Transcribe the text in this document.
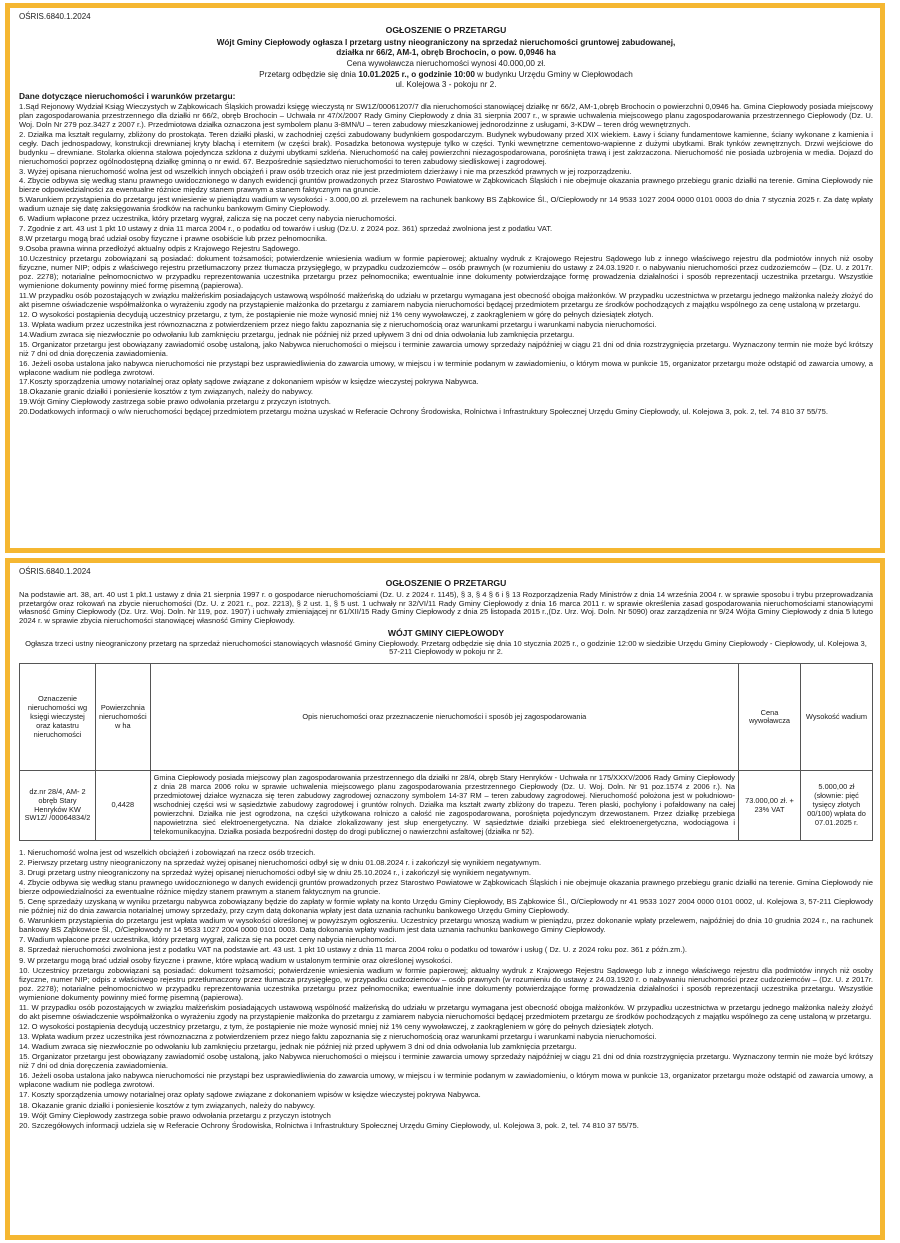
OŚRIS.6840.1.2024
OGŁOSZENIE O PRZETARGU
Wójt Gminy Ciepłowody ogłasza I przetarg ustny nieograniczony na sprzedaż nieruchomości gruntowej zabudowanej,
działka nr 66/2, AM-1, obręb Brochocin, o pow. 0,0946 ha
Cena wywoławcza nieruchomości wynosi 40.000,00 zł.
Przetarg odbędzie się dnia 10.01.2025 r., o godzinie 10:00 w budynku Urzędu Gminy w Ciepłowodach
ul. Kolejowa 3 - pokoju nr 2.
Dane dotyczące nieruchomości i warunków przetargu:
1.Sąd Rejonowy Wydział Ksiąg Wieczystych w Ząbkowicach Śląskich prowadzi księgę wieczystą nr SW1Z/00061207/7 dla nieruchomości stanowiącej działkę nr 66/2, AM-1,obręb Brochocin o powierzchni 0,0946 ha. Gmina Ciepłowody posiada miejscowy plan zagospodarowania przestrzennego dla działki nr 66/2, obręb Brochocin – Uchwała nr 47/X/2007 Rady Gminy Ciepłowody z dnia 31 sierpnia 2007 r., w sprawie uchwalenia miejscowego planu zagospodarowania przestrzennego Ciepłowody (Dz. U. Woj. Doln Nr 279 poz.3427 z 2007 r.). Przedmiotowa działka oznaczona jest symbolem planu 3-8MN/U – teren zabudowy mieszkaniowej jednorodzinne z usługami, 3-KDW – teren dróg wewnętrznych.
2. Działka ma kształt regularny, zbliżony do prostokąta. Teren działki płaski, w zachodniej części zabudowany budynkiem gospodarczym. Budynek wybudowany przed XIX wiekiem. Ławy i ściany fundamentowe kamienne, ściany wykonane z kamienia i cegły. Dach jednospadowy, konstrukcji drewnianej kryty blachą i eternitem (w części brak). Posadzka betonowa występuje tylko w części. Tynki wewnętrzne cementowo-wapienne z dużymi ubytkami. Brak tynków zewnętrznych. Drzwi wejściowe do budynku – drewniane. Stolarka okienna stalowa pojedyncza szklona z dużymi ubytkami szkleńa. Nieruchomość na całej powierzchni niezagospodarowana, porośnięta trawą i jest zakrzaczona. Nieruchomość nie posiada uzbrojenia w media. Dojazd do nieruchomości poprzez ogólnodostępną działkę gminną o nr ewid. 67. Bezpośrednie sąsiedztwo nieruchomości to teren zabudowy siedliskowej i zagrodowej.
3. Wyżej opisana nieruchomość wolna jest od wszelkich innych obciążeń i praw osób trzecich oraz nie jest przedmiotem dzierżawy i nie ma przeszkód prawnych w jej rozporządzeniu.
4. Zbycie odbywa się według stanu prawnego uwidocznionego w danych ewidencji gruntów prowadzonych przez Starostwo Powiatowe w Ząbkowicach Śląskich i nie obejmuje okazania prawnego przebiegu granic działki na terenie. Gmina Ciepłowody nie bierze odpowiedzialności za ewentualne różnice między stanem prawnym a stanem faktycznym na gruncie.
5.Warunkiem przystąpienia do przetargu jest wniesienie w pieniądzu wadium w wysokości - 3.000,00 zł. przelewem na rachunek bankowy BS Ząbkowice Śl., O/Ciepłowody nr 14 9533 1027 2004 0000 0101 0003 do dnia 7 stycznia 2025 r. Za datę wpłaty wadium uznaje się datę zaksięgowania środków na rachunku bankowym Gminy Ciepłowody.
6. Wadium wpłacone przez uczestnika, który przetarg wygrał, zalicza się na poczet ceny nabycia nieruchomości.
7. Zgodnie z art. 43 ust 1 pkt 10 ustawy z dnia 11 marca 2004 r., o podatku od towarów i usług (Dz.U. z 2024 poz. 361) sprzedaż zwolniona jest z podatku VAT.
8.W przetargu mogą brać udział osoby fizyczne i prawne osobiście lub przez pełnomocnika.
9.Osoba prawna winna przedłożyć aktualny odpis z Krajowego Rejestru Sądowego.
10.Uczestnicy przetargu zobowiązani są posiadać: dokument tożsamości; potwierdzenie wniesienia wadium w formie papierowej; aktualny wydruk z Krajowego Rejestru Sądowego lub z innego właściwego rejestru dla podmiotów innych niż osoby fizyczne, numer NIP; odpis z właściwego rejestru przetłumaczony przez tłumacza przysięgłego, w przypadku cudzoziemców – osób prawnych (w rozumieniu do ustawy z 24.03.1920 r. o nabywaniu nieruchomości przez cudzoziemców – (Dz. U. z 2017r. poz. 2278); notarialne pełnomocnictwo w przypadku reprezentowania uczestnika przetargu przez pełnomocnika; ewentualnie inne dokumenty potwierdzające formę prowadzenia działalności i sposób reprezentacji uczestnika przetargu. Wszystkie wymienione dokumenty powinny mieć formę pisemną (papierowa).
11.W przypadku osób pozostających w związku małżeńskim posiadających ustawową wspólność małżeńską do udziału w przetargu wymagana jest obecność obojga małżonków. W przypadku uczestnictwa w przetargu jednego małżonka należy złożyć do akt pisemne oświadczenie współmałżonka o wyrażeniu zgody na przystąpienie małżonka do przetargu z zamiarem nabycia nieruchomości będącej przedmiotem przetargu ze środków pochodzących z majątku wspólnego za cenę ustaloną w przetargu.
12. O wysokości postąpienia decydują uczestnicy przetargu, z tym, że postąpienie nie może wynosić mniej niż 1% ceny wywoławczej, z zaokrągleniem w górę do pełnych dziesiątek złotych.
13. Wpłata wadium przez uczestnika jest równoznaczna z potwierdzeniem przez niego faktu zapoznania się z nieruchomością oraz warunkami przetargu i warunkami nabycia nieruchomości.
14.Wadium zwraca się niezwłocznie po odwołaniu lub zamknięciu przetargu, jednak nie później niż przed upływem 3 dni od dnia odwołania lub zamknięcia przetargu.
15. Organizator przetargu jest obowiązany zawiadomić osobę ustaloną, jako Nabywca nieruchomości o miejscu i terminie zawarcia umowy sprzedaży najpóźniej w ciągu 21 dni od dnia rozstrzygnięcia przetargu. Wyznaczony termin nie może być krótszy niż 7 dni od dnia doręczenia zawiadomienia.
16. Jeżeli osoba ustalona jako nabywca nieruchomości nie przystąpi bez usprawiedliwienia do zawarcia umowy, w miejscu i w terminie podanym w zawiadomieniu, o którym mowa w punkcie 15, organizator przetargu może odstąpić od zawarcia umowy, a wpłacone wadium nie podlega zwrotowi.
17.Koszty sporządzenia umowy notarialnej oraz opłaty sądowe związane z dokonaniem wpisów w księdze wieczystej pokrywa Nabywca.
18.Okazanie granic działki i poniesienie kosztów z tym związanych, należy do nabywcy.
19.Wójt Gminy Ciepłowody zastrzega sobie prawo odwołania przetargu z przyczyn istotnych.
20.Dodatkowych informacji o w/w nieruchomości będącej przedmiotem przetargu można uzyskać w Referacie Ochrony Środowiska, Rolnictwa i Infrastruktury Społecznej Urzędu Gminy Ciepłowody, ul. Kolejowa 3, pok. 2, tel. 74 810 37 55/75.
OŚRIS.6840.1.2024
OGŁOSZENIE O PRZETARGU
Na podstawie art. 38, art. 40 ust 1 pkt.1 ustawy z dnia 21 sierpnia 1997 r. o gospodarce nieruchomościami (Dz. U. z 2024 r. 1145), § 3, § 4 § 6 i § 13 Rozporządzenia Rady Ministrów z dnia 14 września 2004 r. w sprawie sposobu i trybu przeprowadzania przetargów oraz rokowań na zbycie nieruchomości (Dz. U. z 2021 r., poz. 2213), § 2 ust. 1, § 5 ust. 1 uchwały nr 32/VI/11 Rady Gminy Ciepłowody z dnia 16 marca 2011 r. w sprawie określenia zasad gospodarowania nieruchomościami stanowiącymi własność Gminy Ciepłowody (Dz. Urz. Woj. Doln. Nr 119, poz. 1907) i uchwały zmieniającej nr 61/XII/15 Rady Gminy Ciepłowody z dnia 25 listopada 2015 r.,(Dz. Urz. Woj. Doln. Nr 5090) oraz zarządzenia nr 9/24 Wójta Gminy Ciepłowody z dnia 5 lutego 2024 r. w sprawie zbycia nieruchomości stanowiącej własność Gminy Ciepłowody.
WÓJT GMINY CIEPŁOWODY
Ogłasza trzeci ustny nieograniczony przetarg na sprzedaż nieruchomości stanowiących własność Gminy Ciepłowody. Przetarg odbędzie się dnia 10 stycznia 2025 r., o godzinie 12:00 w siedzibie Urzędu Gminy Ciepłowody - Ciepłowody, ul. Kolejowa 3, 57-211 Ciepłowody w pokoju nr 2.
Oznaczenie nieruchomości wg księgi wieczystej oraz katastru nieruchomości	Powierzchnia nieruchomości w ha	Opis nieruchomości oraz przeznaczenie nieruchomości i sposób jej zagospodarowania	Cena wywoławcza	Wysokość wadium
dz.nr 28/4, AM- 2 obręb Stary Henryków KW SW1Z/ /00064834/2	0,4428	Gmina Ciepłowody posiada miejscowy plan zagospodarowania przestrzennego dla działki nr 28/4, obręb Stary Henryków - Uchwała nr 175/XXXV/2006 Rady Gminy Ciepłowody z dnia 28 marca 2006 roku w sprawie uchwalenia miejscowego planu zagospodarowania przestrzennego Ciepłowody (Dz. U. Woj. Doln. Nr 91 poz.1574 z 2006 r.). Na przedmiotowej działce wyznacza się teren zabudowy zagrodowej oznaczony symbolem 14-37 RM – teren zabudowy zagrodowej. Nieruchomość położona jest w południowo-wschodniej części wsi w sąsiedztwie zabudowy zagrodowej i gruntów rolnych. Działka ma kształt zwarty zbliżony do trapezu. Teren płaski, pochyłony i pofałdowany na całej powierzchni. Działka nie jest ogrodzona, na części użytkowana rolniczo a całość nie zagospodarowana, porośnięta pojedynczym drzewostanem. Przez działkę przebiega napowietrzna sieć elektroenergetyczna. Na działce zlokalizowany jest słup energetyczny. W sąsiedztwie działki przebiega sieć elektroenergetyczna, wodociągowa i telekomunikacyjna. Działka posiada bezpośredni dostęp do drogi publicznej o nawierzchni asfaltowej (działka nr 52).	73.000,00 zł. + 23% VAT	5.000,00 zł (słownie: pięć tysięcy złotych 00/100) wpłata do 07.01.2025 r.
1. Nieruchomość wolna jest od wszelkich obciążeń i zobowiązań na rzecz osób trzecich.
2. Pierwszy przetarg ustny nieograniczony na sprzedaż wyżej opisanej nieruchomości odbył się w dniu 01.08.2024 r. i zakończył się wynikiem negatywnym.
3. Drugi przetarg ustny nieograniczony na sprzedaż wyżej opisanej nieruchomości odbył się w dniu 25.10.2024 r., i zakończył się wynikiem negatywnym.
4. Zbycie odbywa się według stanu prawnego uwidocznionego w danych ewidencji gruntów prowadzonych przez Starostwo Powiatowe w Ząbkowicach Śląskich i nie obejmuje okazania prawnego przebiegu granic działki na terenie. Gmina Ciepłowody nie bierze odpowiedzialności za ewentualne różnice między stanem prawnym a stanem faktycznym na gruncie.
5. Cenę sprzedaży uzyskaną w wyniku przetargu nabywca zobowiązany będzie do zapłaty w formie wpłaty na konto Urzędu Gminy Ciepłowody, BS Ząbkowice Śl., O/Ciepłowody nr 41 9533 1027 2004 0000 0101 0002, ul. Kolejowa 3, 57-211 Ciepłowody nie później niż do dnia zawarcia notarialnej umowy sprzedaży, przy czym datą dokonania wpłaty jest data uznania rachunku bankowego Urzędu Gminy Ciepłowody.
6. Warunkiem przystąpienia do przetargu jest wpłata wadium w wysokości określonej w powyższym ogłoszeniu. Uczestnicy przetargu wnoszą wadium w pieniądzu, przez dokonanie wpłaty przelewem, najpóźniej do dnia 10 grudnia 2024 r., na rachunek bankowy BS Ząbkowice Śl., O/Ciepłowody nr 14 9533 1027 2004 0000 0101 0003. Datą dokonania wpłaty wadium jest data uznania rachunku bankowego Gminy Ciepłowody.
7. Wadium wpłacone przez uczestnika, który przetarg wygrał, zalicza się na poczet ceny nabycia nieruchomości.
8. Sprzedaż nieruchomości zwolniona jest z podatku VAT na podstawie art. 43 ust. 1 pkt 10 ustawy z dnia 11 marca 2004 roku o podatku od towarów i usług ( Dz. U. z 2024 roku poz. 361 z późn.zm.).
9. W przetargu mogą brać udział osoby fizyczne i prawne, które wpłacą wadium w ustalonym terminie oraz określonej wysokości.
10. Uczestnicy przetargu zobowiązani są posiadać: dokument tożsamości; potwierdzenie wniesienia wadium w formie papierowej; aktualny wydruk z Krajowego Rejestru Sądowego lub z innego właściwego rejestru dla podmiotów innych niż osoby fizyczne, numer NIP; odpis z właściwego rejestru przetłumaczony przez tłumacza przysięgłego, w przypadku cudzoziemców – osób prawnych (w rozumieniu do ustawy z 24.03.1920 r. o nabywaniu nieruchomości przez cudzoziemców – (Dz. U. z 2017r. poz. 2278); notarialne pełnomocnictwo w przypadku reprezentowania uczestnika przetargu przez pełnomocnika; ewentualnie inne dokumenty potwierdzające formę prowadzenia działalności i sposób reprezentacji uczestnika przetargu. Wszystkie wymienione dokumenty powinny mieć formę pisemną (papierowa).
11. W przypadku osób pozostających w związku małżeńskim posiadających ustawową wspólność małżeńską do udziału w przetargu wymagana jest obecność obojga małżonków. W przypadku uczestnictwa w przetargu jednego małżonka należy złożyć do akt pisemne oświadczenie współmałżonka o wyrażeniu zgody na przystąpienie małżonka do przetargu z zamiarem nabycia nieruchomości będącej przedmiotem przetargu ze środków pochodzących z majątku wspólnego za cenę ustaloną w przetargu.
12. O wysokości postąpienia decydują uczestnicy przetargu, z tym, że postąpienie nie może wynosić mniej niż 1% ceny wywoławczej, z zaokrągleniem w górę do pełnych dziesiątek złotych.
13. Wpłata wadium przez uczestnika jest równoznaczna z potwierdzeniem przez niego faktu zapoznania się z nieruchomością oraz warunkami przetargu i warunkami nabycia nieruchomości.
14. Wadium zwraca się niezwłocznie po odwołaniu lub zamknięciu przetargu, jednak nie później niż przed upływem 3 dni od dnia odwołania lub zamknięcia przetargu.
15. Organizator przetargu jest obowiązany zawiadomić osobę ustaloną, jako Nabywca nieruchomości o miejscu i terminie zawarcia umowy sprzedaży najpóźniej w ciągu 21 dni od dnia rozstrzygnięcia przetargu. Wyznaczony termin nie może być krótszy niż 7 dni od dnia doręczenia zawiadomienia.
16. Jeżeli osoba ustalona jako nabywca nieruchomości nie przystąpi bez usprawiedliwienia do zawarcia umowy, w miejscu i w terminie podanym w zawiadomieniu, o którym mowa w punkcie 13, organizator przetargu może odstąpić od zawarcia umowy, a wpłacone wadium nie podlega zwrotowi.
17. Koszty sporządzenia umowy notarialnej oraz opłaty sądowe związane z dokonaniem wpisów w księdze wieczystej pokrywa Nabywca.
18. Okazanie granic działki i poniesienie kosztów z tym związanych, należy do nabywcy.
19. Wójt Gminy Ciepłowody zastrzega sobie prawo odwołania przetargu z przyczyn istotnych
20. Szczegółowych informacji udziela się w Referacie Ochrony Środowiska, Rolnictwa i Infrastruktury Społecznej Urzędu Gminy Ciepłowody, ul. Kolejowa 3, pok. 2, tel. 74 810 37 55/75.
